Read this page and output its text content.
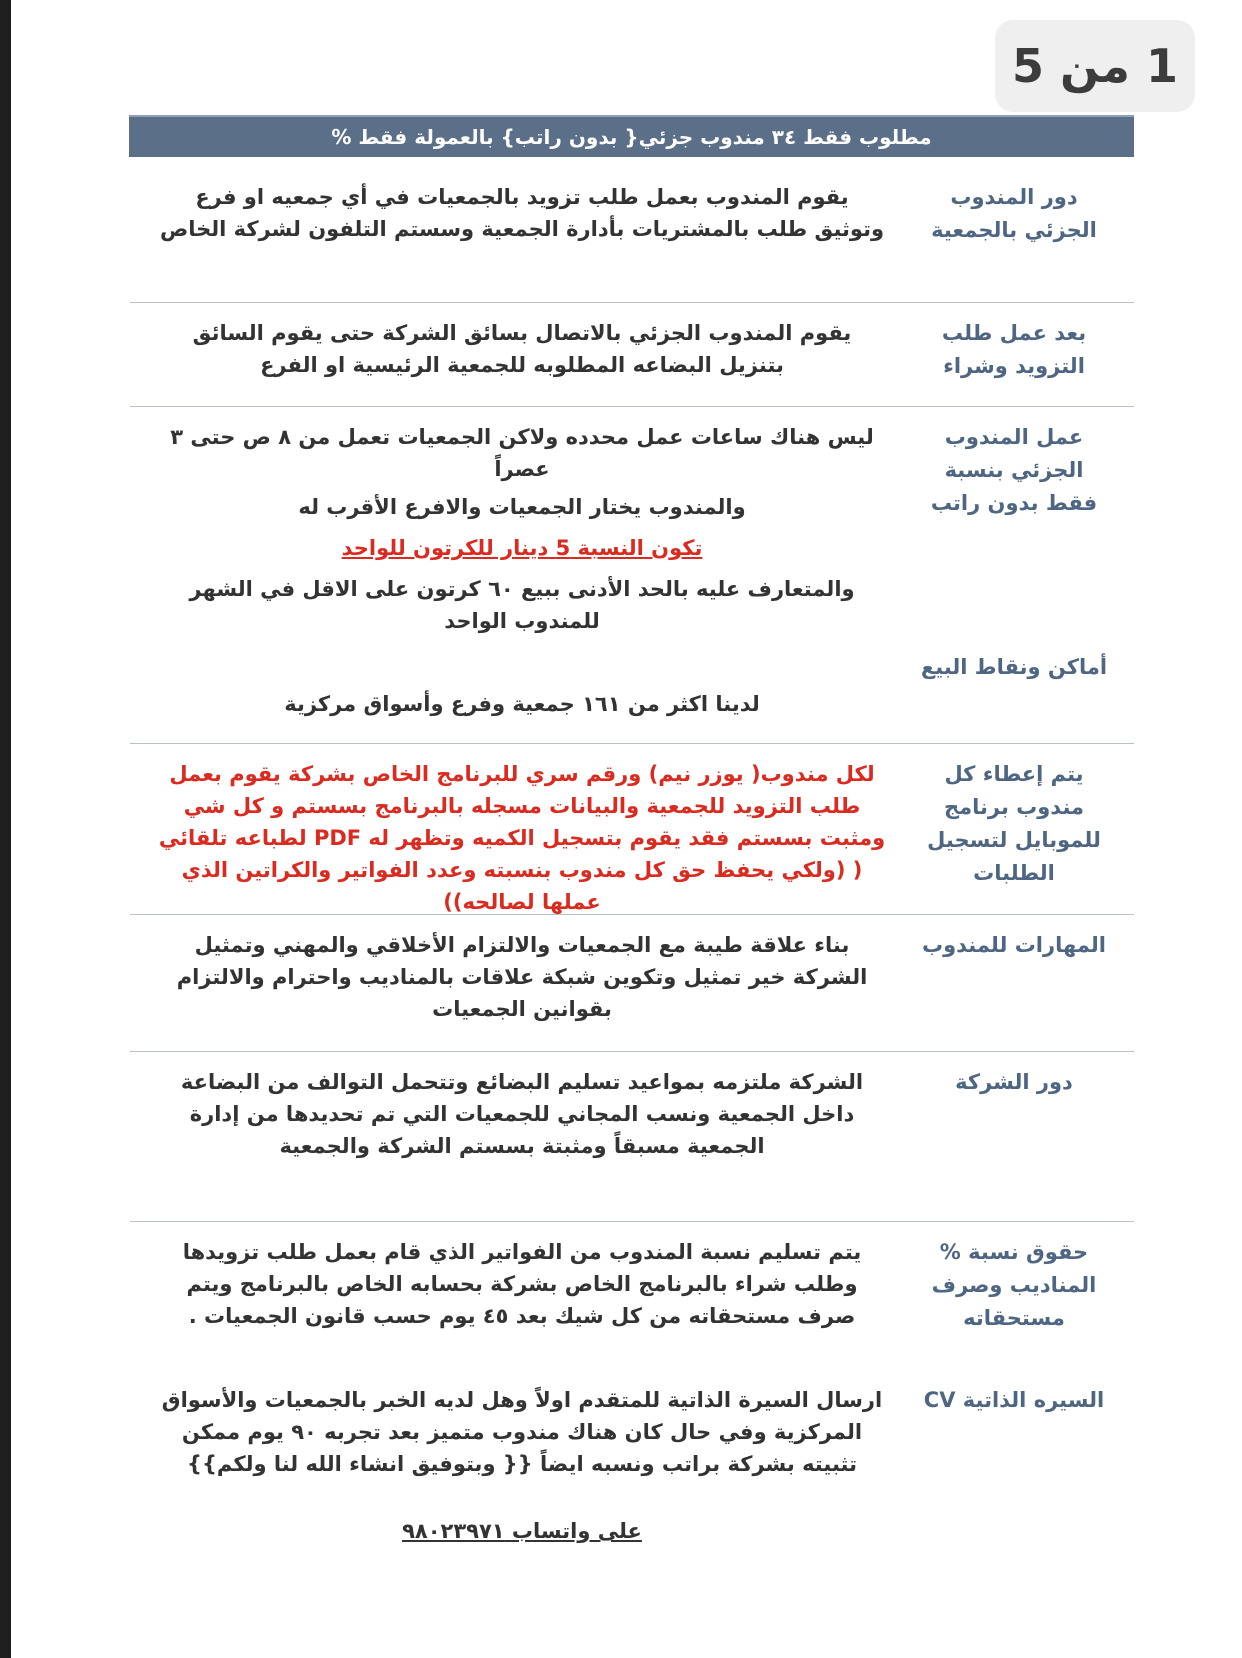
1 من 5
مطلوب فقط ٣٤ مندوب جزئي{ بدون راتب} بالعمولة فقط %
دور المندوب الجزئي بالجمعية
يقوم المندوب بعمل طلب تزويد بالجمعيات في أي جمعيه او فرع وتوثيق طلب بالمشتريات بأدارة الجمعية وسستم التلفون لشركة الخاص
بعد عمل طلب التزويد وشراء
يقوم المندوب الجزئي بالاتصال بسائق الشركة حتى يقوم السائق بتنزيل البضاعه المطلوبه للجمعية الرئيسية او الفرع
عمل المندوب الجزئي بنسبة فقط بدون راتب
ليس هناك ساعات عمل محدده ولاكن الجمعيات تعمل من ٨ ص حتى ٣ عصراً
والمندوب يختار الجمعيات والافرع الأقرب له
تكون النسبة 5 دينار للكرتون للواحد
والمتعارف عليه بالحد الأدنى ببيع ٦٠ كرتون على الاقل في الشهر للمندوب الواحد
أماكن ونقاط البيع
لدينا اكثر من ١٦١ جمعية وفرع وأسواق مركزية
يتم إعطاء كل مندوب برنامج للموبايل لتسجيل الطلبات
لكل مندوب( يوزر نيم) ورقم سري للبرنامج الخاص بشركة يقوم بعمل طلب التزويد للجمعية والبيانات مسجله بالبرنامج بسستم و كل شي ومثبت بسستم فقد يقوم بتسجيل الكميه وتظهر له PDF لطباعه تلقائي ( (ولكي يحفظ حق كل مندوب بنسبته وعدد الفواتير والكراتين الذي عملها لصالحه))
المهارات للمندوب
بناء علاقة طيبة مع الجمعيات والالتزام الأخلاقي والمهني وتمثيل الشركة خير تمثيل وتكوين شبكة علاقات بالمناديب واحترام والالتزام بقوانين الجمعيات
دور الشركة
الشركة ملتزمه بمواعيد تسليم البضائع وتتحمل التوالف من البضاعة داخل الجمعية ونسب المجاني للجمعيات التي تم تحديدها من إدارة الجمعية مسبقاً ومثبتة بسستم الشركة والجمعية
حقوق نسبة % المناديب وصرف مستحقاته
يتم تسليم نسبة المندوب من الفواتير الذي قام بعمل طلب تزويدها وطلب شراء بالبرنامج الخاص بشركة بحسابه الخاص بالبرنامج ويتم صرف مستحقاته من كل شيك بعد ٤٥ يوم حسب قانون الجمعيات .
السيره الذاتية CV
ارسال السيرة الذاتية للمتقدم اولاً وهل لديه الخبر بالجمعيات والأسواق المركزية وفي حال كان هناك مندوب متميز بعد تجربه ٩٠ يوم ممكن تثبيته بشركة براتب ونسبه ايضاً {{ وبتوفيق انشاء الله لنا ولكم}}
على واتساب ٩٨٠٢٣٩٧١
